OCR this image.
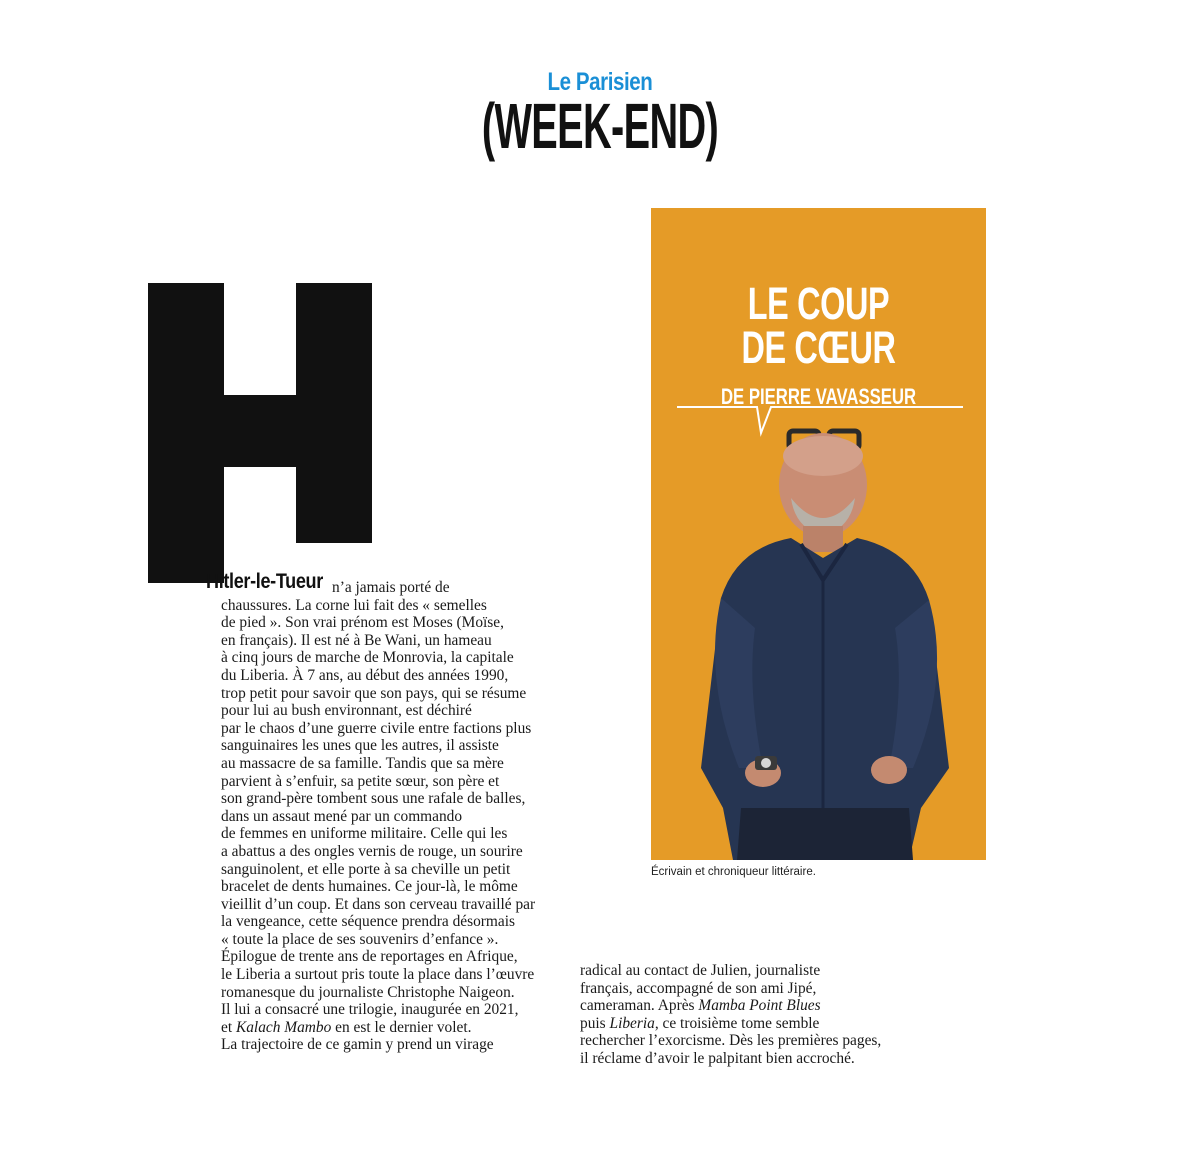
Le Parisien
(WEEK-END)
Hitler-le-Tueur n’a jamais porté de
chaussures. La corne lui fait des « semelles
de pied ». Son vrai prénom est Moses (Moïse,
en français). Il est né à Be Wani, un hameau
à cinq jours de marche de Monrovia, la capitale
du Liberia. À 7 ans, au début des années 1990,
trop petit pour savoir que son pays, qui se résume
pour lui au bush environnant, est déchiré
par le chaos d’une guerre civile entre factions plus
sanguinaires les unes que les autres, il assiste
au massacre de sa famille. Tandis que sa mère
parvient à s’enfuir, sa petite sœur, son père et
son grand-père tombent sous une rafale de balles,
dans un assaut mené par un commando
de femmes en uniforme militaire. Celle qui les
a abattus a des ongles vernis de rouge, un sourire
sanguinolent, et elle porte à sa cheville un petit
bracelet de dents humaines. Ce jour-là, le môme
vieillit d’un coup. Et dans son cerveau travaillé par
la vengeance, cette séquence prendra désormais
« toute la place de ses souvenirs d’enfance ».
Épilogue de trente ans de reportages en Afrique,
le Liberia a surtout pris toute la place dans l’œuvre
romanesque du journaliste Christophe Naigeon.
Il lui a consacré une trilogie, inaugurée en 2021,
et Kalach Mambo en est le dernier volet.
La trajectoire de ce gamin y prend un virage
radical au contact de Julien, journaliste
français, accompagné de son ami Jipé,
cameraman. Après Mamba Point Blues
puis Liberia, ce troisième tome semble
rechercher l’exorcisme. Dès les premières pages,
il réclame d’avoir le palpitant bien accroché.
LE COUP
DE CŒUR
DE PIERRE VAVASSEUR
Écrivain et chroniqueur littéraire.
